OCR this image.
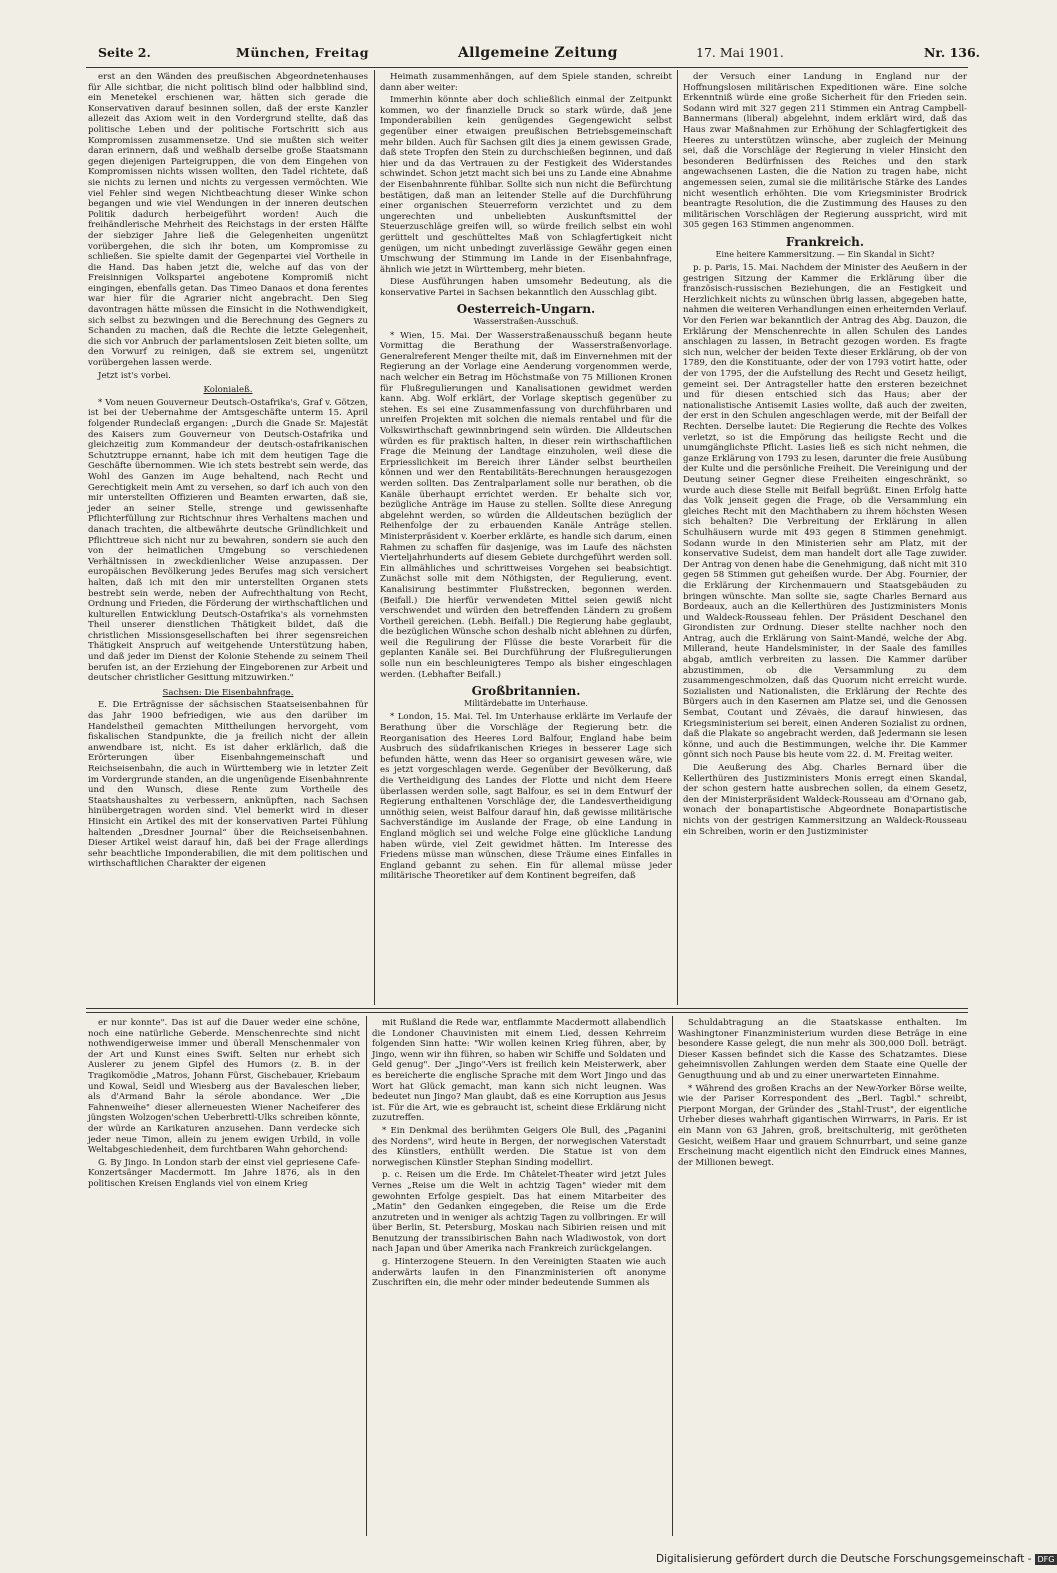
Seite 2.	München, Freitag	Allgemeine Zeitung	17. Mai 1901.	Nr. 136.

erst an den Wänden des preußischen Abgeordnetenhauses für Alle sichtbar, die nicht politisch blind oder halbblind sind, ein Menetekel erschienen war, hätten sich gerade die Konservativen darauf besinnen sollen, daß der erste Kanzler allezeit das Axiom weit in den Vordergrund stellte, daß das politische Leben und der politische Fortschritt sich aus Kompromissen zusammensetze. Und sie mußten sich weiter daran erinnern, daß und weßhalb derselbe große Staatsmann gegen diejenigen Parteigruppen, die von dem Eingehen von Kompromissen nichts wissen wollten, den Tadel richtete, daß sie nichts zu lernen und nichts zu vergessen vermöchten. Wie viel Fehler sind wegen Nichtbeachtung dieser Winke schon begangen und wie viel Wendungen in der inneren deutschen Politik dadurch herbeigeführt worden! Auch die freihändlerische Mehrheit des Reichstags in der ersten Hälfte der siebziger Jahre ließ die Gelegenheiten ungenützt vorübergehen, die sich ihr boten, um Kompromisse zu schließen. Sie spielte damit der Gegenpartei viel Vortheile in die Hand. Das haben jetzt die, welche auf das von der Freisinnigen Volkspartei angebotene Kompromiß nicht eingingen, ebenfalls getan. Das Timeo Danaos et dona ferentes war hier für die Agrarier nicht angebracht. Den Sieg davontragen hätte müssen die Einsicht in die Nothwendigkeit, sich selbst zu bezwingen und die Berechnung des Gegners zu Schanden zu machen, daß die Rechte die letzte Gelegenheit, die sich vor Anbruch der parlamentslosen Zeit bieten sollte, um den Vorwurf zu reinigen, daß sie extrem sei, ungenützt vorübergehen lassen werde.

Jetzt ist's vorbei.

Kolonialeß.

* Vom neuen Gouverneur Deutsch-Ostafrika's, Graf v. Götzen, ist bei der Uebernahme der Amtsgeschäfte unterm 15. April folgender Rundeclaß ergangen: „Durch die Gnade Sr. Majestät des Kaisers zum Gouverneur von Deutsch-Ostafrika und gleichzeitig zum Kommandeur der deutsch-ostafrikanischen Schutztruppe ernannt, habe ich mit dem heutigen Tage die Geschäfte übernommen. Wie ich stets bestrebt sein werde, das Wohl des Ganzen im Auge behaltend, nach Recht und Gerechtigkeit mein Amt zu versehen, so darf ich auch von den mir unterstellten Offizieren und Beamten erwarten, daß sie, jeder an seiner Stelle, strenge und gewissenhafte Pflichterfüllung zur Richtschnur ihres Verhaltens machen und danach trachten, die altbewährte deutsche Gründlichkeit und Pflichttreue sich nicht nur zu bewahren, sondern sie auch den von der heimatlichen Umgebung so verschiedenen Verhältnissen in zweckdienlicher Weise anzupassen. Der europäischen Bevölkerung jedes Berufes mag sich versichert halten, daß ich mit den mir unterstellten Organen stets bestrebt sein werde, neben der Aufrechthaltung von Recht, Ordnung und Frieden, die Förderung der wirthschaftlichen und kulturellen Entwicklung Deutsch-Ostafrika's als vornehmsten Theil unserer dienstlichen Thätigkeit bildet, daß die christlichen Missionsgesellschaften bei ihrer segensreichen Thätigkeit Anspruch auf weitgehende Unterstützung haben, und daß jeder im Dienst der Kolonie Stehende zu seinem Theil berufen ist, an der Erziehung der Eingeborenen zur Arbeit und deutscher christlicher Gesittung mitzuwirken."

Sachsen: Die Eisenbahnfrage.

E. Die Erträgnisse der sächsischen Staatseisenbahnen für das Jahr 1900 befriedigen, wie aus den darüber im Handelstheil gemachten Mittheilungen hervorgeht, vom fiskalischen Standpunkte, die ja freilich nicht der allein anwendbare ist, nicht. Es ist daher erklärlich, daß die Erörterungen über Eisenbahngemeinschaft und Reichseisenbahn, die auch in Württemberg wie in letzter Zeit im Vordergrunde standen, an die ungenügende Eisenbahnrente und den Wunsch, diese Rente zum Vortheile des Staatshaushaltes zu verbessern, anknüpften, nach Sachsen hinübergetragen worden sind. Viel bemerkt wird in dieser Hinsicht ein Artikel des mit der konservativen Partei Fühlung haltenden „Dresdner Journal“ über die Reichseisenbahnen. Dieser Artikel weist darauf hin, daß bei der Frage allerdings sehr beachtliche Imponderabilien, die mit dem politischen und wirthschaftlichen Charakter der eigenen

Heimath zusammenhängen, auf dem Spiele standen, schreibt dann aber weiter:

Immerhin könnte aber doch schließlich einmal der Zeitpunkt kommen, wo der finanzielle Druck so stark würde, daß jene Imponderabilien kein genügendes Gegengewicht selbst gegenüber einer etwaigen preußischen Betriebsgemeinschaft mehr bilden. Auch für Sachsen gilt dies ja einem gewissen Grade, daß stete Tropfen den Stein zu durchschießen beginnen, und daß hier und da das Vertrauen zu der Festigkeit des Widerstandes schwindet. Schon jetzt macht sich bei uns zu Lande eine Abnahme der Eisenbahnrente fühlbar. Sollte sich nun nicht die Befürchtung bestätigen, daß man an leitender Stelle auf die Durchführung einer organischen Steuerreform verzichtet und zu dem ungerechten und unbeliebten Auskunftsmittel der Steuerzuschläge greifen will, so würde freilich selbst ein wohl gerüttelt und geschütteltes Maß von Schlagfertigkeit nicht genügen, um nicht unbedingt zuverlässige Gewähr gegen einen Umschwung der Stimmung im Lande in der Eisenbahnfrage, ähnlich wie jetzt in Württemberg, mehr bieten.

Diese Ausführungen haben umsomehr Bedeutung, als die konservative Partei in Sachsen bekanntlich den Ausschlag gibt.

Oesterreich-Ungarn.
Wasserstraßen-Ausschuß.

* Wien, 15. Mai. Der Wasserstraßenausschuß begann heute Vormittag die Berathung der Wasserstraßenvorlage. Generalreferent Menger theilte mit, daß im Einvernehmen mit der Regierung an der Vorlage eine Aenderung vorgenommen werde, nach welcher ein Betrag im Höchstmaße von 75 Millionen Kronen für Flußregulierungen und Kanalisationen gewidmet werden kann. Abg. Wolf erklärt, der Vorlage skeptisch gegenüber zu stehen. Es sei eine Zusammenfassung von durchführbaren und unreifen Projekten mit solchen die niemals rentabel und für die Volkswirthschaft gewinnbringend sein würden. Die Alldeutschen würden es für praktisch halten, in dieser rein wirthschaftlichen Frage die Meinung der Landtage einzuholen, weil diese die Erpriesslichkeit im Bereich ihrer Länder selbst beurtheilen können und wer den Rentabilitäts-Berechnungen herausgezogen werden sollten. Das Zentralparlament solle nur berathen, ob die Kanäle überhaupt errichtet werden. Er behalte sich vor, bezügliche Anträge im Hause zu stellen. Sollte diese Anregung abgelehnt werden, so würden die Alldeutschen bezüglich der Reihenfolge der zu erbauenden Kanäle Anträge stellen. Ministerpräsident v. Koerber erklärte, es handle sich darum, einen Rahmen zu schaffen für dasjenige, was im Laufe des nächsten Vierteljahrhunderts auf diesem Gebiete durchgeführt werden soll. Ein allmähliches und schrittweises Vorgehen sei beabsichtigt. Zunächst solle mit dem Nöthigsten, der Regulierung, event. Kanalisirung bestimmter Flußstrecken, begonnen werden. (Beifall.) Die hierfür verwendeten Mittel seien gewiß nicht verschwendet und würden den betreffenden Ländern zu großem Vortheil gereichen. (Lebh. Beifall.) Die Regierung habe geglaubt, die bezüglichen Wünsche schon deshalb nicht ablehnen zu dürfen, weil die Regulirung der Flüsse die beste Vorarbeit für die geplanten Kanäle sei. Bei Durchführung der Flußregulierungen solle nun ein beschleunigteres Tempo als bisher eingeschlagen werden. (Lebhafter Beifall.)

Großbritannien.
Militärdebatte im Unterhause.

* London, 15. Mai. Tel. Im Unterhause erklärte im Verlaufe der Berathung über die Vorschläge der Regierung betr. die Reorganisation des Heeres Lord Balfour, England habe beim Ausbruch des südafrikanischen Krieges in besserer Lage sich befunden hätte, wenn das Heer so organisirt gewesen wäre, wie es jetzt vorgeschlagen werde. Gegenüber der Bevölkerung, daß die Vertheidigung des Landes der Flotte und nicht dem Heere überlassen werden solle, sagt Balfour, es sei in dem Entwurf der Regierung enthaltenen Vorschläge der, die Landesvertheidigung unnöthig seien, weist Balfour darauf hin, daß gewisse militärische Sachverständige im Auslande der Frage, ob eine Landung in England möglich sei und welche Folge eine glückliche Landung haben würde, viel Zeit gewidmet hätten. Im Interesse des Friedens müsse man wünschen, diese Träume eines Einfalles in England gebannt zu sehen. Ein für allemal müsse jeder militärische Theoretiker auf dem Kontinent begreifen, daß

der Versuch einer Landung in England nur der Hoffnungslosen militärischen Expeditionen wäre. Eine solche Erkenntniß würde eine große Sicherheit für den Frieden sein. Sodann wird mit 327 gegen 211 Stimmen ein Antrag Campbell-Bannermans (liberal) abgelehnt, indem erklärt wird, daß das Haus zwar Maßnahmen zur Erhöhung der Schlagfertigkeit des Heeres zu unterstützen wünsche, aber zugleich der Meinung sei, daß die Vorschläge der Regierung in vieler Hinsicht den besonderen Bedürfnissen des Reiches und den stark angewachsenen Lasten, die die Nation zu tragen habe, nicht angemessen seien, zumal sie die militärische Stärke des Landes nicht wesentlich erhöhten. Die vom Kriegsminister Brodrick beantragte Resolution, die die Zustimmung des Hauses zu den militärischen Vorschlägen der Regierung ausspricht, wird mit 305 gegen 163 Stimmen angenommen.

Frankreich.
Eine heitere Kammersitzung. — Ein Skandal in Sicht?

p. p. Paris, 15. Mai. Nachdem der Minister des Aeußern in der gestrigen Sitzung der Kammer die Erklärung über die französisch-russischen Beziehungen, die an Festigkeit und Herzlichkeit nichts zu wünschen übrig lassen, abgegeben hatte, nahmen die weiteren Verhandlungen einen erheiternden Verlauf. Vor den Ferien war bekanntlich der Antrag des Abg. Dauzon, die Erklärung der Menschenrechte in allen Schulen des Landes anschlagen zu lassen, in Betracht gezogen worden. Es fragte sich nun, welcher der beiden Texte dieser Erklärung, ob der von 1789, den die Konstituante, oder der von 1793 votirt hatte, oder der von 1795, der die Aufstellung des Recht und Gesetz heiligt, gemeint sei. Der Antragsteller hatte den ersteren bezeichnet und für diesen entschied sich das Haus; aber der nationalistische Antisemit Lasies wollte, daß auch der zweiten, der erst in den Schulen angeschlagen werde, mit der Beifall der Rechten. Derselbe lautet: Die Regierung die Rechte des Volkes verletzt, so ist die Empörung das heiligste Recht und die unumgänglichste Pflicht. Lasies ließ es sich nicht nehmen, die ganze Erklärung von 1793 zu lesen, darunter die freie Ausübung der Kulte und die persönliche Freiheit. Die Vereinigung und der Deutung seiner Gegner diese Freiheiten eingeschränkt, so wurde auch diese Stelle mit Beifall begrüßt. Einen Erfolg hatte das Volk jenseit gegen die Frage, ob die Versammlung ein gleiches Recht mit den Machthabern zu ihrem höchsten Wesen sich behalten? Die Verbreitung der Erklärung in allen Schulhäusern wurde mit 493 gegen 8 Stimmen genehmigt. Sodann wurde in den Ministerien sehr am Platz, mit der konservative Sudeist, dem man handelt dort alle Tage zuwider. Der Antrag von denen habe die Genehmigung, daß nicht mit 310 gegen 58 Stimmen gut geheißen wurde. Der Abg. Fournier, der die Erklärung der Kirchenmauern und Staatsgebäuden zu bringen wünschte. Man sollte sie, sagte Charles Bernard aus Bordeaux, auch an die Kellerthüren des Justizministers Monis und Waldeck-Rousseau fehlen. Der Präsident Deschanel den Girondisten zur Ordnung. Dieser stellte nachher noch den Antrag, auch die Erklärung von Saint-Mandé, welche der Abg. Millerand, heute Handelsminister, in der Saale des familles abgab, amtlich verbreiten zu lassen. Die Kammer darüber abzustimmen, ob die Versammlung zu dem zusammengeschmolzen, daß das Quorum nicht erreicht wurde. Sozialisten und Nationalisten, die Erklärung der Rechte des Bürgers auch in den Kasernen am Platze sei, und die Genossen Sembat, Coutant und Zévaès, die darauf hinwiesen, das Kriegsministerium sei bereit, einen Anderen Sozialist zu ordnen, daß die Plakate so angebracht werden, daß Jedermann sie lesen könne, und auch die Bestimmungen, welche ihr. Die Kammer gönnt sich noch Pause bis heute vom 22. d. M. Freitag weiter.

Die Aeußerung des Abg. Charles Bernard über die Kellerthüren des Justizministers Monis erregt einen Skandal, der schon gestern hatte ausbrechen sollen, da einem Gesetz, den der Ministerpräsident Waldeck-Rousseau am d'Ornano gab, wonach der bonapartistische Abgeordnete Bonapartistische nichts von der gestrigen Kammersitzung an Waldeck-Rousseau ein Schreiben, worin er den Justizminister

er nur konnte". Das ist auf die Dauer weder eine schöne, noch eine natürliche Geberde. Menschenrechte sind nicht nothwendigerweise immer und überall Menschenmaler von der Art und Kunst eines Swift. Selten nur erhebt sich Auslerer zu jenem Gipfel des Humors (z. B. in der Tragikomödie „Matros, Johann Fürst, Gischebauer, Kriebaum und Kowal, Seidl und Wiesberg aus der Bavaleschen lieber, als d'Armand Bahr la sérole abondance. Wer „Die Fahnenweihe" dieser allerneuesten Wiener Nacheiferer des jüngsten Wolzogen'schen Ueberbrettl-Ulks schreiben könnte, der würde an Karikaturen anzusehen. Dann verdecke sich jeder neue Timon, allein zu jenem ewigen Urbild, in volle Weltabgeschiedenheit, dem furchtbaren Wahn gehorchend:

G. By Jingo. In London starb der einst viel gepriesene Cafe-Konzertsänger Macdermott. Im Jahre 1876, als in den politischen Kreisen Englands viel von einem Krieg

mit Rußland die Rede war, entflammte Macdermott allabendlich die Londoner Chauvinisten mit einem Lied, dessen Kehrreim folgenden Sinn hatte: "Wir wollen keinen Krieg führen, aber, by Jingo, wenn wir ihn führen, so haben wir Schiffe und Soldaten und Geld genug". Der „Jingo"-Vers ist freilich kein Meisterwerk, aber es bereicherte die englische Sprache mit dem Wort Jingo und das Wort hat Glück gemacht, man kann sich nicht leugnen. Was bedeutet nun Jingo? Man glaubt, daß es eine Korruption aus Jesus ist. Für die Art, wie es gebraucht ist, scheint diese Erklärung nicht zuzutreffen.

* Ein Denkmal des berühmten Geigers Ole Bull, des „Paganini des Nordens", wird heute in Bergen, der norwegischen Vaterstadt des Künstlers, enthüllt werden. Die Statue ist von dem norwegischen Künstler Stephan Sinding modellirt.

p. c. Reisen um die Erde. Im Châtelet-Theater wird jetzt Jules Vernes „Reise um die Welt in achtzig Tagen" wieder mit dem gewohnten Erfolge gespielt. Das hat einem Mitarbeiter des „Matin" den Gedanken eingegeben, die Reise um die Erde anzutreten und in weniger als achtzig Tagen zu vollbringen. Er will über Berlin, St. Petersburg, Moskau nach Sibirien reisen und mit Benutzung der transsibirischen Bahn nach Wladiwostok, von dort nach Japan und über Amerika nach Frankreich zurückgelangen.

g. Hinterzogene Steuern. In den Vereinigten Staaten wie auch anderwärts laufen in den Finanzministerien oft anonyme Zuschriften ein, die mehr oder minder bedeutende Summen als

Schuldabtragung an die Staatskasse enthalten. Im Washingtoner Finanzministerium wurden diese Beträge in eine besondere Kasse gelegt, die nun mehr als 300,000 Doll. beträgt. Dieser Kassen befindet sich die Kasse des Schatzamtes. Diese geheimnisvollen Zahlungen werden dem Staate eine Quelle der Genugthuung und ab und zu einer unerwarteten Einnahme.

* Während des großen Krachs an der New-Yorker Börse weilte, wie der Pariser Korrespondent des „Berl. Tagbl." schreibt, Pierpont Morgan, der Gründer des „Stahl-Trust", der eigentliche Urheber dieses wahrhaft gigantischen Wirrwarrs, in Paris. Er ist ein Mann von 63 Jahren, groß, breitschulterig, mit gerötheten Gesicht, weißem Haar und grauem Schnurrbart, und seine ganze Erscheinung macht eigentlich nicht den Eindruck eines Mannes, der Millionen bewegt.

Digitalisierung gefördert durch die Deutsche Forschungsgemeinschaft - DFG
